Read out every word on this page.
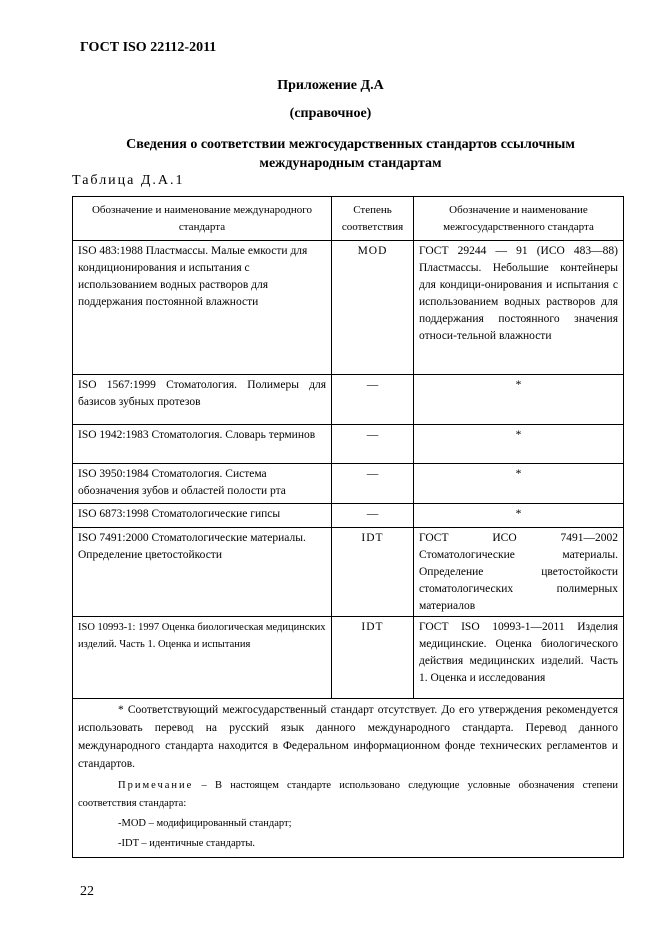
ГОСТ ISO 22112-2011
Приложение Д.А
(справочное)
Сведения о соответствии межгосударственных стандартов ссылочным
международным стандартам
Таблица Д.А.1
Обозначение и наименование международного стандарта	Степень соответствия	Обозначение и наименование межгосударственного стандарта
ISO 483:1988 Пластмассы. Малые емкости для кондиционирования и испытания с использованием водных растворов для поддержания постоянной влажности	MOD	ГОСТ 29244 — 91 (ИСО 483—88) Пластмассы. Небольшие контейнеры для кондици-онирования и испытания с использованием водных растворов для поддержания постоянного значения относи-тельной влажности
ISO 1567:1999 Стоматология. Полимеры для базисов зубных протезов	—	*
ISO 1942:1983 Стоматология. Словарь терминов	—	*
ISO 3950:1984 Стоматология. Система обозначения зубов и областей полости рта	—	*
ISO 6873:1998 Стоматологические гипсы	—	*
ISO 7491:2000 Стоматологические материалы. Определение цветостойкости	IDT	ГОСТ ИСО 7491—2002 Стоматологические материалы. Определение цветостойкости стоматологических полимерных материалов
ISO 10993-1: 1997 Оценка биологическая медицинских изделий. Часть 1. Оценка и испытания	IDT	ГОСТ ISO 10993-1—2011 Изделия медицинские. Оценка биологического действия медицинских изделий. Часть 1. Оценка и исследования

* Соответствующий межгосударственный стандарт отсутствует. До его утверждения рекомендуется использовать перевод на русский язык данного международного стандарта. Перевод данного международного стандарта находится в Федеральном информационном фонде технических регламентов и стандартов.

Примечание – В настоящем стандарте использовано следующие условные обозначения степени соответствия стандарта:

-MOD – модифицированный стандарт;

-IDT – идентичные стандарты.		

22
